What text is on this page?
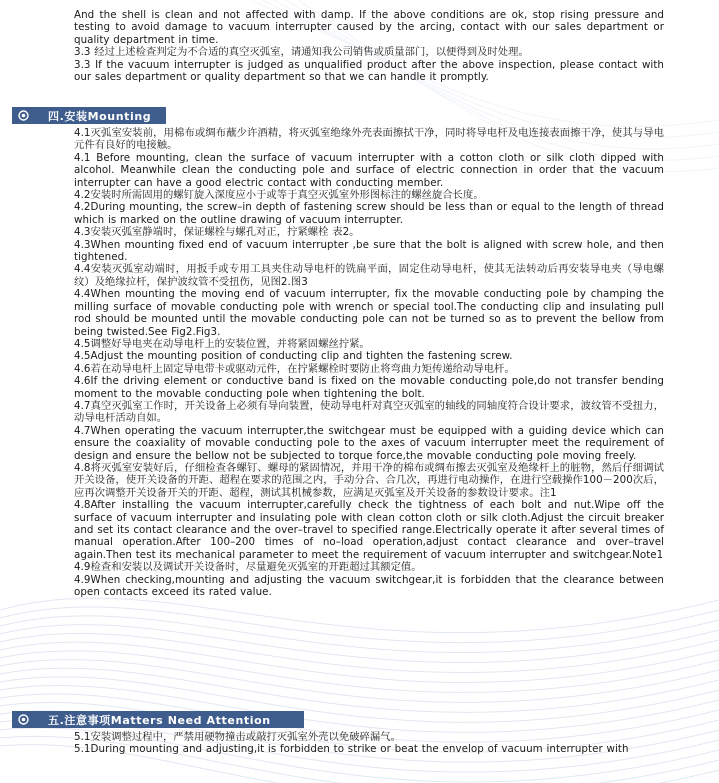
四.安装Mounting
五.注意事项Matters Need Attention

And the shell is clean and not affected with damp. If the above conditions are ok, stop rising pressure and testing to avoid damage to vacuum interrupter caused by the arcing, contact with our sales department or quality department in time.

3.3 经过上述检查判定为不合适的真空灭弧室，请通知我公司销售或质量部门，以便得到及时处理。

3.3 If the vacuum interrupter is judged as unqualified product after the above inspection, please contact with our sales department or quality department so that we can handle it promptly.

4.1灭弧室安装前，用棉布或绸布蘸少许酒精，将灭弧室绝缘外壳表面擦拭干净，同时将导电杆及电连接表面擦干净，使其与导电元件有良好的电接触。

4.1 Before mounting, clean the surface of vacuum interrupter with a cotton cloth or silk cloth dipped with alcohol. Meanwhile clean the conducting pole and surface of electric connection in order that the vacuum interrupter can have a good electric contact with conducting member.

4.2安装时所需固用的螺钉旋入深度应小于或等于真空灭弧室外形图标注的螺丝旋合长度。

4.2During mounting, the screw–in depth of fastening screw should be less than or equal to the length of thread which is marked on the outline drawing of vacuum interrupter.

4.3安装灭弧室静端时，保证螺栓与螺孔对正，拧紧螺栓 表2。

4.3When mounting fixed end of vacuum interrupter ,be sure that the bolt is aligned with screw hole, and then tightened.

4.4安装灭弧室动端时，用扳手或专用工具夹住动导电杆的铣扁平面，固定住动导电杆，使其无法转动后再安装导电夹（导电螺纹）及绝缘拉杆，保护波纹管不受扭伤，见图2.图3

4.4When mounting the moving end of vacuum interrupter, fix the movable conducting pole by champing the milling surface of movable conducting pole with wrench or special tool.The conducting clip and insulating pull rod should be mounted until the movable conducting pole can not be turned so as to prevent the bellow from being twisted.See Fig2.Fig3.

4.5调整好导电夹在动导电杆上的安装位置，并将紧固螺丝拧紧。

4.5Adjust the mounting position of conducting clip and tighten the fastening screw.

4.6若在动导电杆上固定导电带卡或驱动元件，在拧紧螺栓时要防止将弯曲力矩传递给动导电杆。

4.6If the driving element or conductive band is fixed on the movable conducting pole,do not transfer bending moment to the movable conducting pole when tightening the bolt.

4.7真空灭弧室工作时，开关设备上必须有导向装置，使动导电杆对真空灭弧室的轴线的同轴度符合设计要求，波纹管不受扭力，动导电杆活动自如。

4.7When operating the vacuum interrupter,the switchgear must be equipped with a guiding device which can ensure the coaxiality of movable conducting pole to the axes of vacuum interrupter meet the requirement of design and ensure the bellow not be subjected to torque force,the movable conducting pole moving freely.

4.8将灭弧室安装好后，仔细检查各螺钉、螺母的紧固情况，并用干净的棉布或绸布擦去灭弧室及绝缘杆上的脏物，然后仔细调试开关设备，使开关设备的开距、超程在要求的范围之内，手动分合、合几次，再进行电动操作，在进行空载操作100－200次后，应再次调整开关设备开关的开距、超程，测试其机械参数，应满足灭弧室及开关设备的参数设计要求。注1

4.8After installing the vacuum interrupter,carefully check the tightness of each bolt and nut.Wipe off the surface of vacuum interrupter and insulating pole with clean cotton cloth or silk cloth.Adjust the circuit breaker and set its contact clearance and the over–travel to specified range.Electrically operate it after several times of manual operation.After 100–200 times of no–load operation,adjust contact clearance and over–travel again.Then test its mechanical parameter to meet the requirement of vacuum interrupter and switchgear.Note1

4.9检查和安装以及调试开关设备时，尽量避免灭弧室的开距超过其额定值。

4.9When checking,mounting and adjusting the vacuum switchgear,it is forbidden that the clearance between open contacts exceed its rated value.

5.1安装调整过程中，严禁用硬物撞击或敲打灭弧室外壳以免破碎漏气。

5.1During mounting and adjusting,it is forbidden to strike or beat the envelop of vacuum interrupter with
